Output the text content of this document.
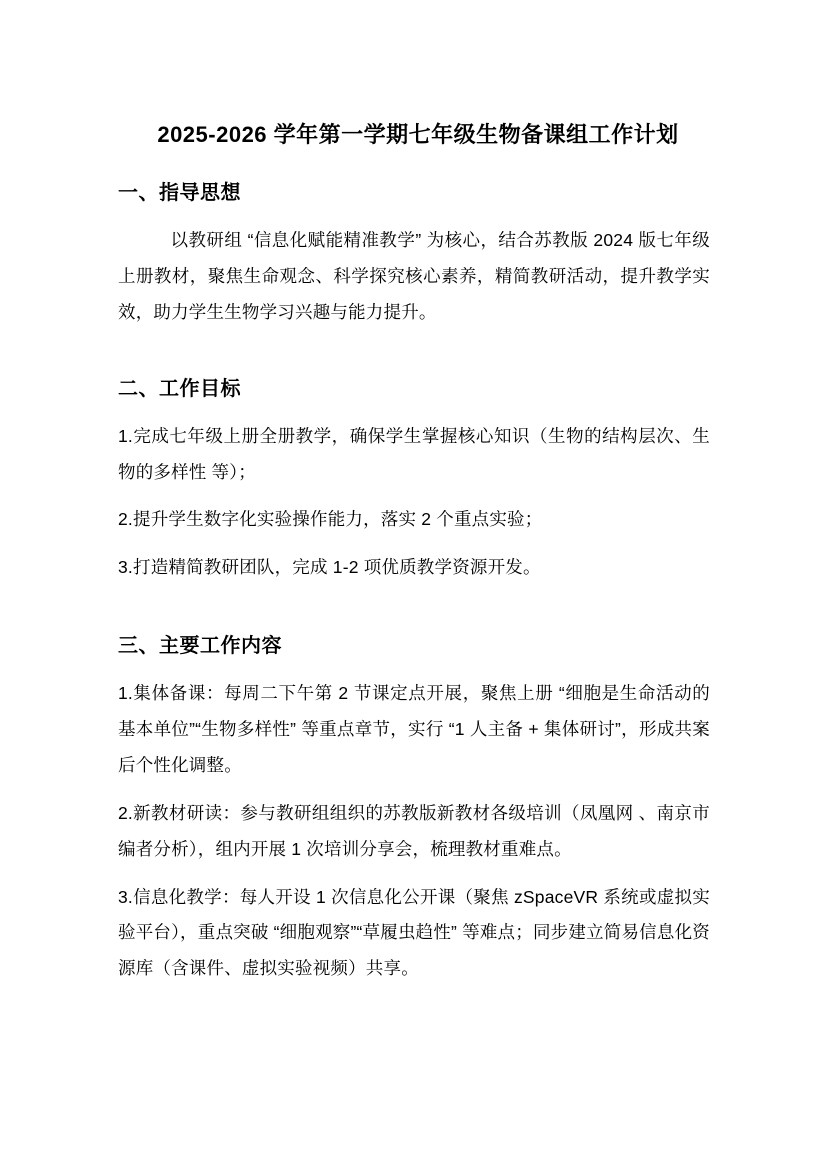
2025-2026 学年第一学期七年级生物备课组工作计划
一、指导思想

以教研组 “信息化赋能精准教学” 为核心，结合苏教版 2024 版七年级上册教材，聚焦生命观念、科学探究核心素养，精简教研活动，提升教学实效，助力学生生物学习兴趣与能力提升。

二、工作目标

1.完成七年级上册全册教学，确保学生掌握核心知识（生物的结构层次、生物的多样性 等）；

2.提升学生数字化实验操作能力，落实 2 个重点实验；

3.打造精简教研团队，完成 1-2 项优质教学资源开发。

三、主要工作内容

1.集体备课：每周二下午第 2 节课定点开展，聚焦上册 “细胞是生命活动的基本单位”“生物多样性” 等重点章节，实行 “1 人主备 + 集体研讨”，形成共案后个性化调整。

2.新教材研读：参与教研组组织的苏教版新教材各级培训（凤凰网 、南京市编者分析），组内开展 1 次培训分享会，梳理教材重难点。

3.信息化教学：每人开设 1 次信息化公开课（聚焦 zSpaceVR 系统或虚拟实验平台），重点突破 “细胞观察”“草履虫趋性” 等难点；同步建立简易信息化资源库（含课件、虚拟实验视频）共享。
